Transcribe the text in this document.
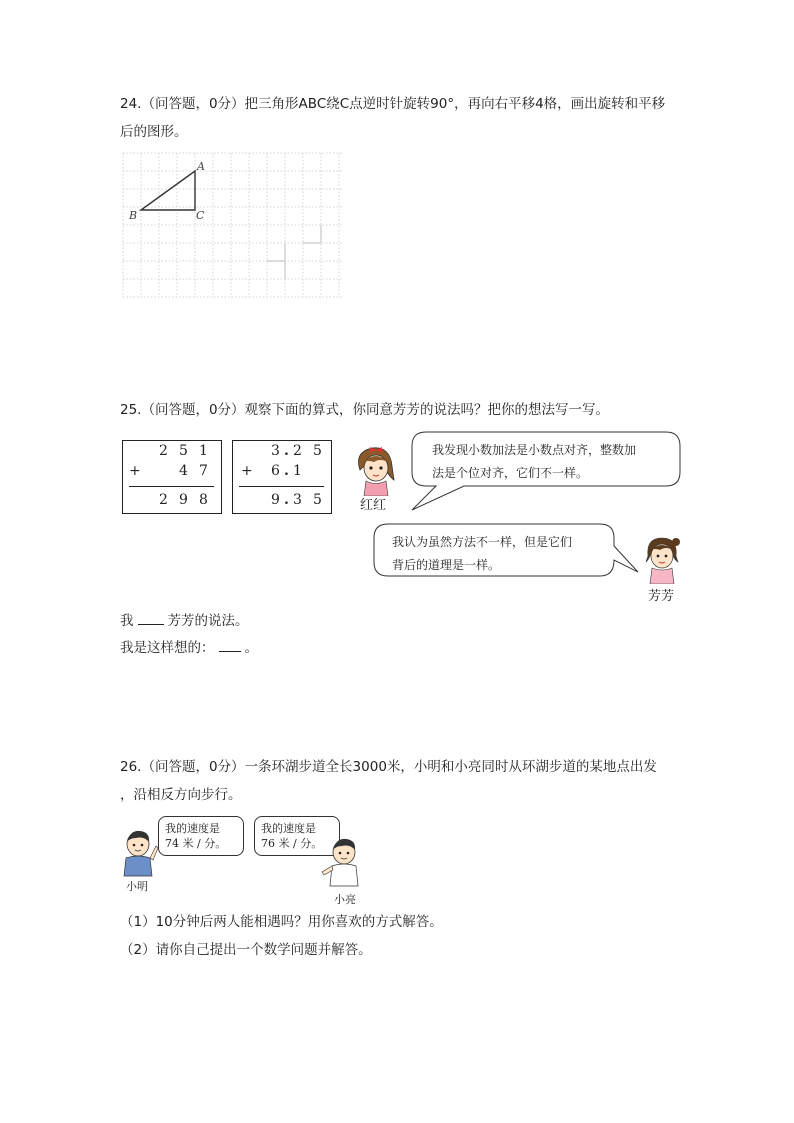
24.（问答题，0分）把三角形ABC绕C点逆时针旋转90°，再向右平移4格，画出旋转和平移
后的图形。
A
B	C
25.（问答题，0分）观察下面的算式，你同意芳芳的说法吗？把你的想法写一写。
2 5 1
+	4 7
2 9 8
3 . 2 5
+ 6 . 1
9 . 3 5	红红
我发现小数加法是小数点对齐，整数加
法是个位对齐，它们不一样。
我认为虽然方法不一样，但是它们
背后的道理是一样。
芳芳
我	芳芳的说法。
我是这样想的： 。
26.（问答题，0分）一条环湖步道全长3000米，小明和小亮同时从环湖步道的某地点出发
，沿相反方向步行。
小明
我的速度是
74 米 / 分。
我的速度是
76 米 / 分。
小亮
（1）10分钟后两人能相遇吗？用你喜欢的方式解答。
（2）请你自己提出一个数学问题并解答。
